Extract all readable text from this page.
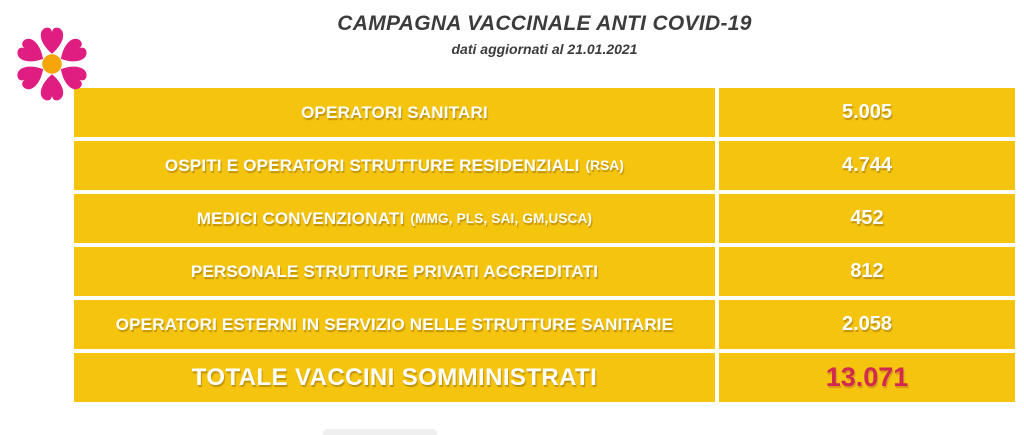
CAMPAGNA VACCINALE ANTI COVID-19
dati aggiornati al 21.01.2021
OPERATORI SANITARI	5.005
OSPITI E OPERATORI STRUTTURE RESIDENZIALI (RSA)	4.744
MEDICI CONVENZIONATI (MMG, PLS, SAI, GM,USCA)	452
PERSONALE STRUTTURE PRIVATI ACCREDITATI	812
OPERATORI ESTERNI IN SERVIZIO NELLE STRUTTURE SANITARIE	2.058
TOTALE VACCINI SOMMINISTRATI	13.071
